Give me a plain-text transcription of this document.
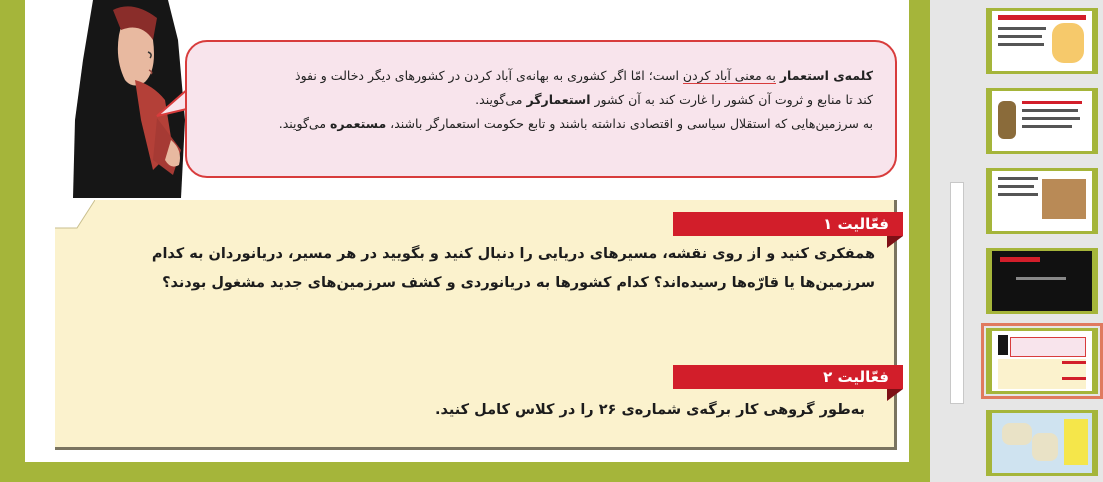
کلمه‌ی استعمار به معنی آباد کردن است؛ امّا اگر کشوری به بهانه‌ی آباد کردن در کشورهای دیگر دخالت و نفوذ
کند تا منابع و ثروت آن کشور را غارت کند به آن کشور استعمارگر می‌گویند.
به سرزمین‌هایی که استقلال سیاسی و اقتصادی نداشته باشند و تابع حکومت استعمارگر باشند، مستعمره می‌گویند.
فعّالیت ۱
همفکری کنید و از روی نقشه، مسیرهای دریایی را دنبال کنید و بگویید در هر مسیر، دریانوردان به کدام سرزمین‌ها یا قارّه‌ها رسیده‌اند؟ کدام کشورها به دریانوردی و کشف سرزمین‌های جدید مشغول بودند؟
فعّالیت ۲
به‌طور گروهی کار برگه‌ی شماره‌ی ۲۶ را در کلاس کامل کنید.
